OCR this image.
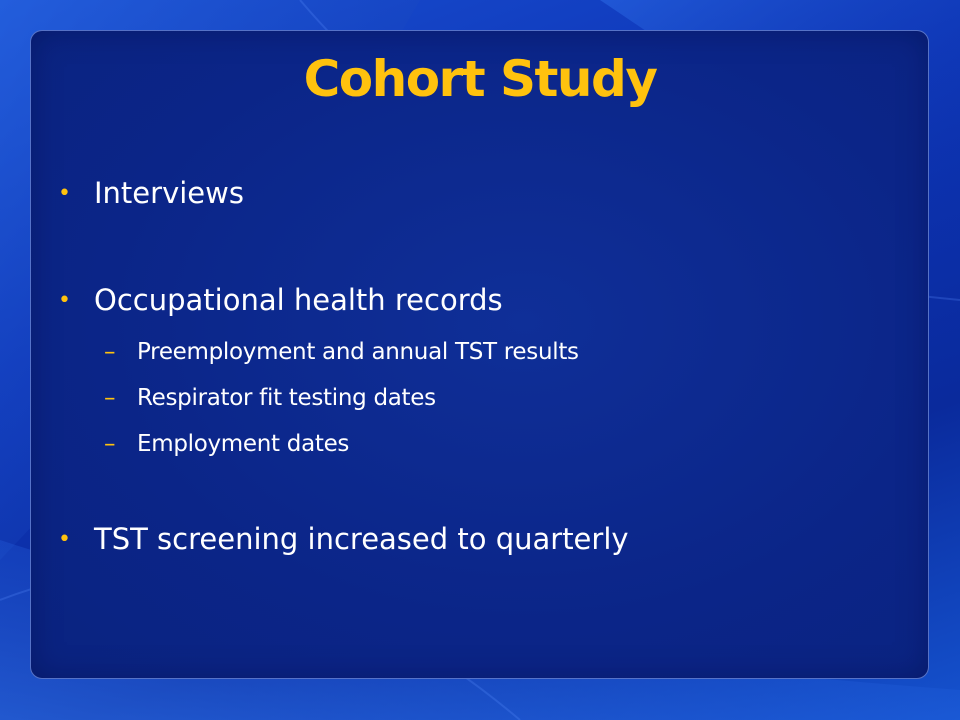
Cohort Study
• Interviews
• Occupational health records
– Preemployment and annual TST results
– Respirator fit testing dates
– Employment dates
• TST screening increased to quarterly
